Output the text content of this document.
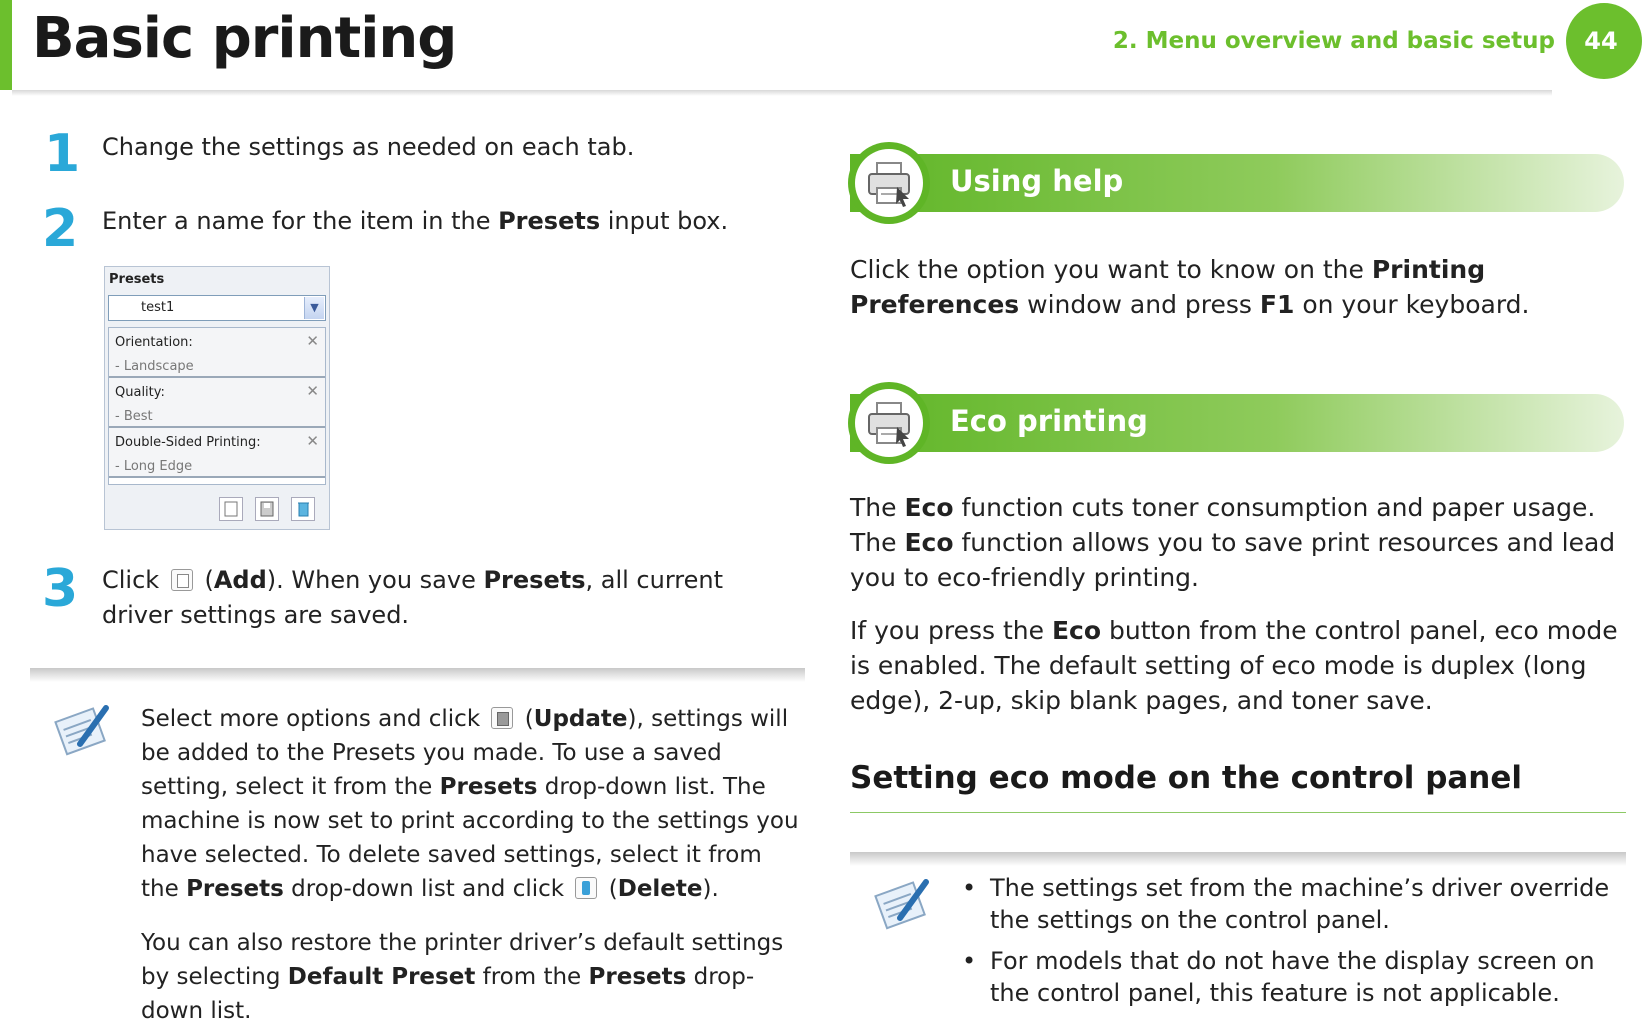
Basic printing	2. Menu overview and basic setup 44
1 Change the settings as needed on each tab.
2 Enter a name for the item in the Presets input box.
Presets
test1	▼
Orientation:
- Landscape
✕
Quality:
- Best
✕
Double-Sided Printing:
- Long Edge
✕
3 Click  (Add). When you save Presets, all current driver settings are saved.
Select more options and click  (Update), settings will be added to the Presets you made. To use a saved setting, select it from the Presets drop-down list. The machine is now set to print according to the settings you have selected. To delete saved settings, select it from the Presets drop-down list and click  (Delete).
You can also restore the printer driver’s default settings by selecting Default Preset from the Presets drop-down list.
Using help
Click the option you want to know on the Printing Preferences window and press F1 on your keyboard.
Eco printing
The Eco function cuts toner consumption and paper usage. The Eco function allows you to save print resources and lead you to eco-friendly printing.
If you press the Eco button from the control panel, eco mode is enabled. The default setting of eco mode is duplex (long edge), 2-up, skip blank pages, and toner save.
Setting eco mode on the control panel
• The settings set from the machine’s driver override the settings on the control panel.
• For models that do not have the display screen on the control panel, this feature is not applicable.
